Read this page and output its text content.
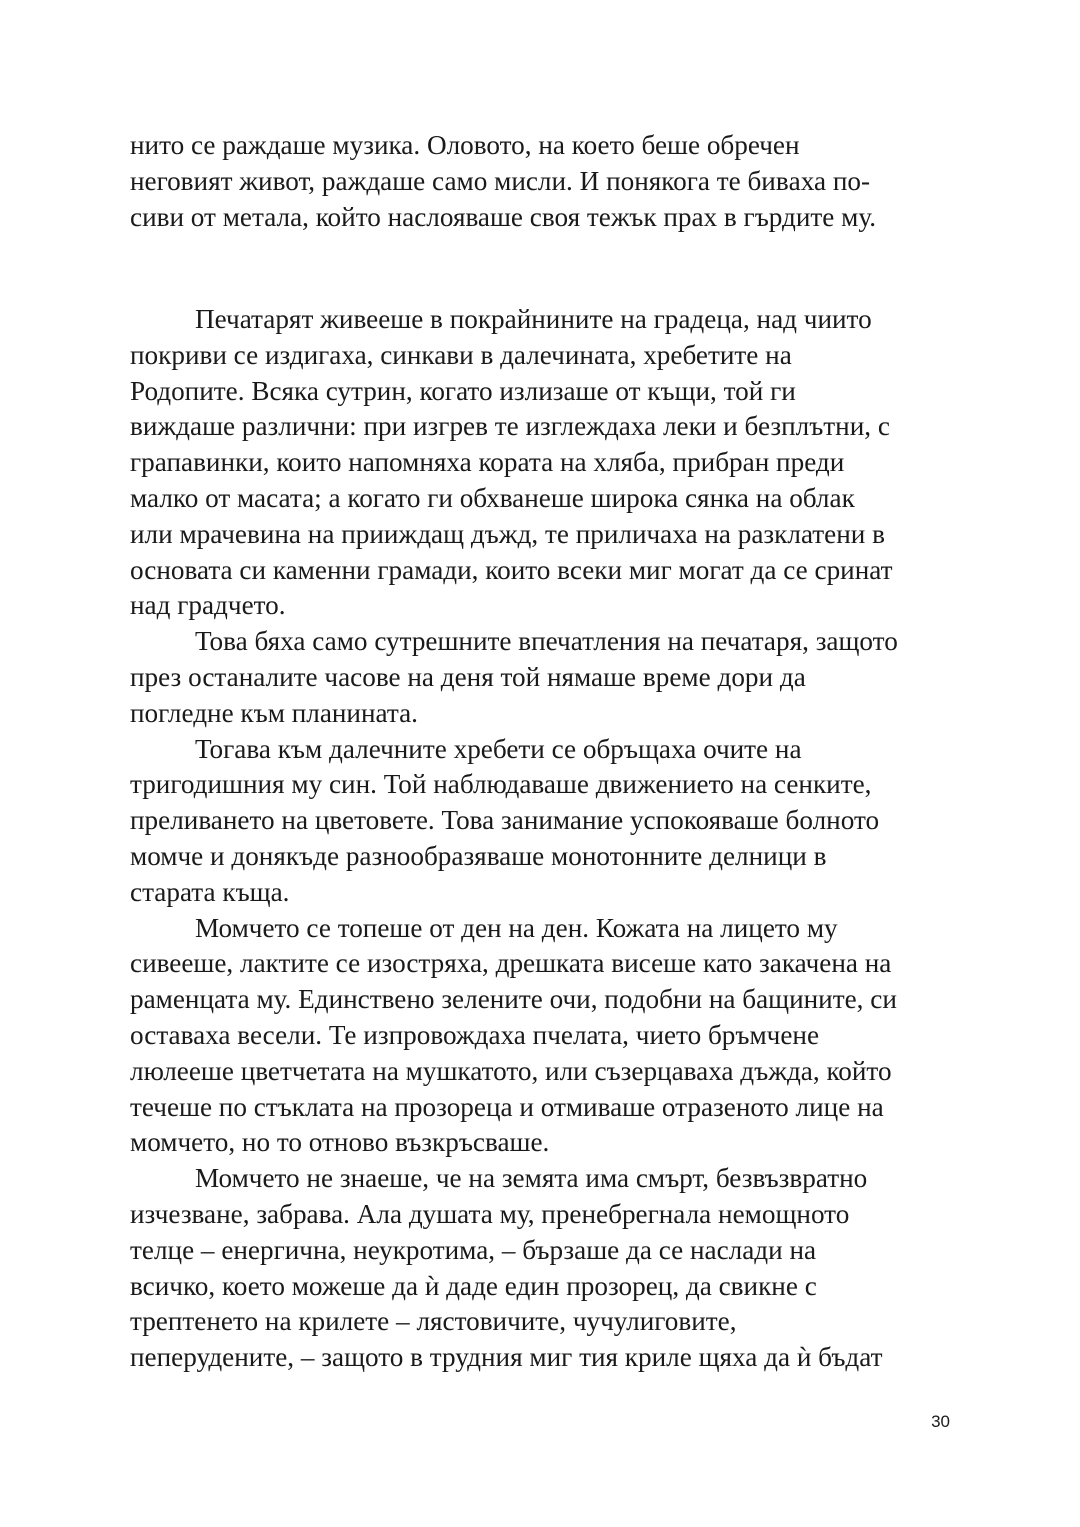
нито се раждаше музика. Оловото, на което беше обречен
неговият живот, раждаше само мисли. И понякога те бивaха по-
сиви от метала, който наслояваше своя тежък прах в гърдите му.
Печатарят живееше в покрайнините на градеца, над чиито
покриви се издигаха, синкави в далечината, хребетите на
Родопите. Всяка сутрин, когато излизаше от къщи, той ги
виждаше различни: при изгрев те изглеждаха леки и безплътни, с
грапавинки, които напомняха кората на хляба, прибран преди
малко от масата; а когато ги обхванеше широка сянка на облак
или мрачевина на прииждащ дъжд, те приличаха на разклатени в
основата си каменни грамади, които всеки миг могат да се сринат
над градчето.
Това бяха само сутрешните впечатления на печатаря, защото
през останалите часове на деня той нямаше време дори да
погледне към планината.
Тогава към далечните хребети се обръщаха очите на
тригодишния му син. Той наблюдаваше движението на сенките,
преливането на цветовете. Това занимание успокояваше болното
момче и донякъде разнообразяваше монотонните делници в
старата къща.
Момчето се топеше от ден на ден. Кожата на лицето му
сивееше, лактите се изостряха, дрешката висеше като закачена на
раменцата му. Единствено зелените очи, подобни на бащините, си
оставаха весели. Те изпровождаха пчелата, чието бръмчене
люлееше цветчетата на мушкатото, или съзерцаваха дъжда, който
течеше по стъклата на прозореца и отмиваше отразеното лице на
момчето, но то отново възкръсваше.
Момчето не знаеше, че на земята има смърт, безвъзвратно
изчезване, забрава. Ала душата му, пренебрегнала немощното
телце – енергична, неукротима, – бързаше да се наслади на
всичко, което можеше да ѝ даде един прозорец, да свикне с
трептенето на крилете – лястовичите, чучулиговите,
пеперудените, – защото в трудния миг тия криле щяха да ѝ бъдат
30
